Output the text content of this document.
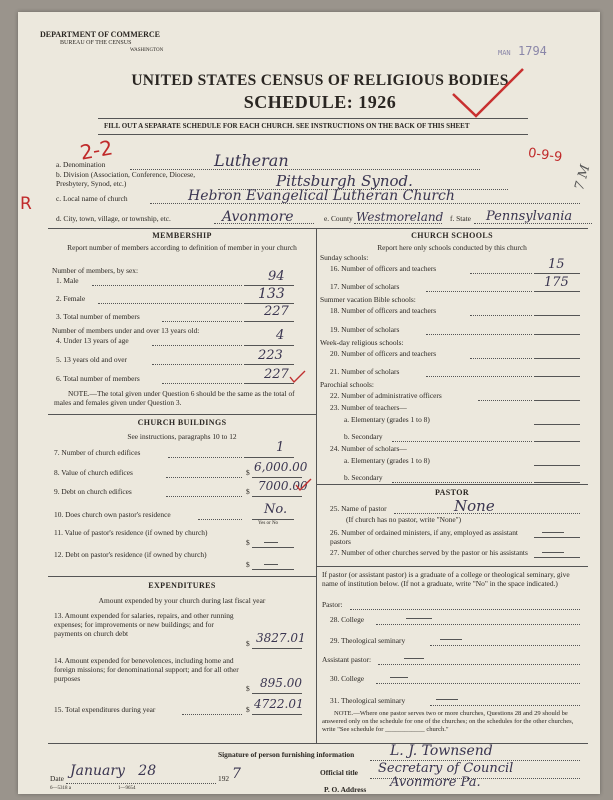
DEPARTMENT OF COMMERCE
BUREAU OF THE CENSUS
WASHINGTON	MAN 1794
UNITED STATES CENSUS OF RELIGIOUS BODIES
SCHEDULE: 1926
FILL OUT A SEPARATE SCHEDULE FOR EACH CHURCH. SEE INSTRUCTIONS ON THE BACK OF THIS SHEET
2-2	0-9-9
R
7 M
a. Denomination	Lutheran
b. Division (Association, Conference, Diocese, Presbytery, Synod, etc.)	Pittsburgh Synod.
c. Local name of church	Hebron Evangelical Lutheran Church
d. City, town, village, or township, etc.	Avonmore	e. County Westmoreland f. State Pennsylvania
MEMBERSHIP
Report number of members according to definition of member in your church
Number of members, by sex:
1. Male	94
2. Female	133
3. Total number of members	227
Number of members under and over 13 years old:
4. Under 13 years of age	4
5. 13 years old and over	223
6. Total number of members	227
NOTE.—The total given under Question 6 should be the same as the total of males and females given under Question 3.
CHURCH BUILDINGS
See instructions, paragraphs 10 to 12
7. Number of church edifices	1
8. Value of church edifices	$ 6,000.00
9. Debt on church edifices	$ 7000.00
10. Does church own pastor's residence	No.
Yes or No
11. Value of pastor's residence (if owned by church)
$
12. Debt on pastor's residence (if owned by church)
$
EXPENDITURES
Amount expended by your church during last fiscal year
13. Amount expended for salaries, repairs, and other running expenses; for improvements or new buildings; and for payments on church debt
$ 3827.01
14. Amount expended for benevolences, including home and foreign missions; for denominational support; and for all other purposes
$ 895.00
15. Total expenditures during year	$ 4722.01
CHURCH SCHOOLS
Report here only schools conducted by this church
Sunday schools:
16. Number of officers and teachers	15
17. Number of scholars	175
Summer vacation Bible schools:
18. Number of officers and teachers
19. Number of scholars
Week-day religious schools:
20. Number of officers and teachers
21. Number of scholars
Parochial schools:
22. Number of administrative officers
23. Number of teachers—
a. Elementary (grades 1 to 8)
b. Secondary
24. Number of scholars—
a. Elementary (grades 1 to 8)
b. Secondary
PASTOR
25. Name of pastor	None
(If church has no pastor, write "None")
26. Number of ordained ministers, if any, employed as assistant pastors
27. Number of other churches served by the pastor or his assistants
If pastor (or assistant pastor) is a graduate of a college or theological seminary, give name of institution below. (If not a graduate, write "No" in the space indicated.)
Pastor:
28. College
29. Theological seminary
Assistant pastor:
30. College
31. Theological seminary
NOTE.—Where one pastor serves two or more churches, Questions 28 and 29 should be answered only on the schedule for one of the churches; on the schedules for the other churches, write "See schedule for ____________ church."
Signature of person furnishing information	L. J. Townsend
Official title Secretary of Council
Date January   28	192 7
P. O. Address Avonmore Pa.
6—5318 a	1—9654
